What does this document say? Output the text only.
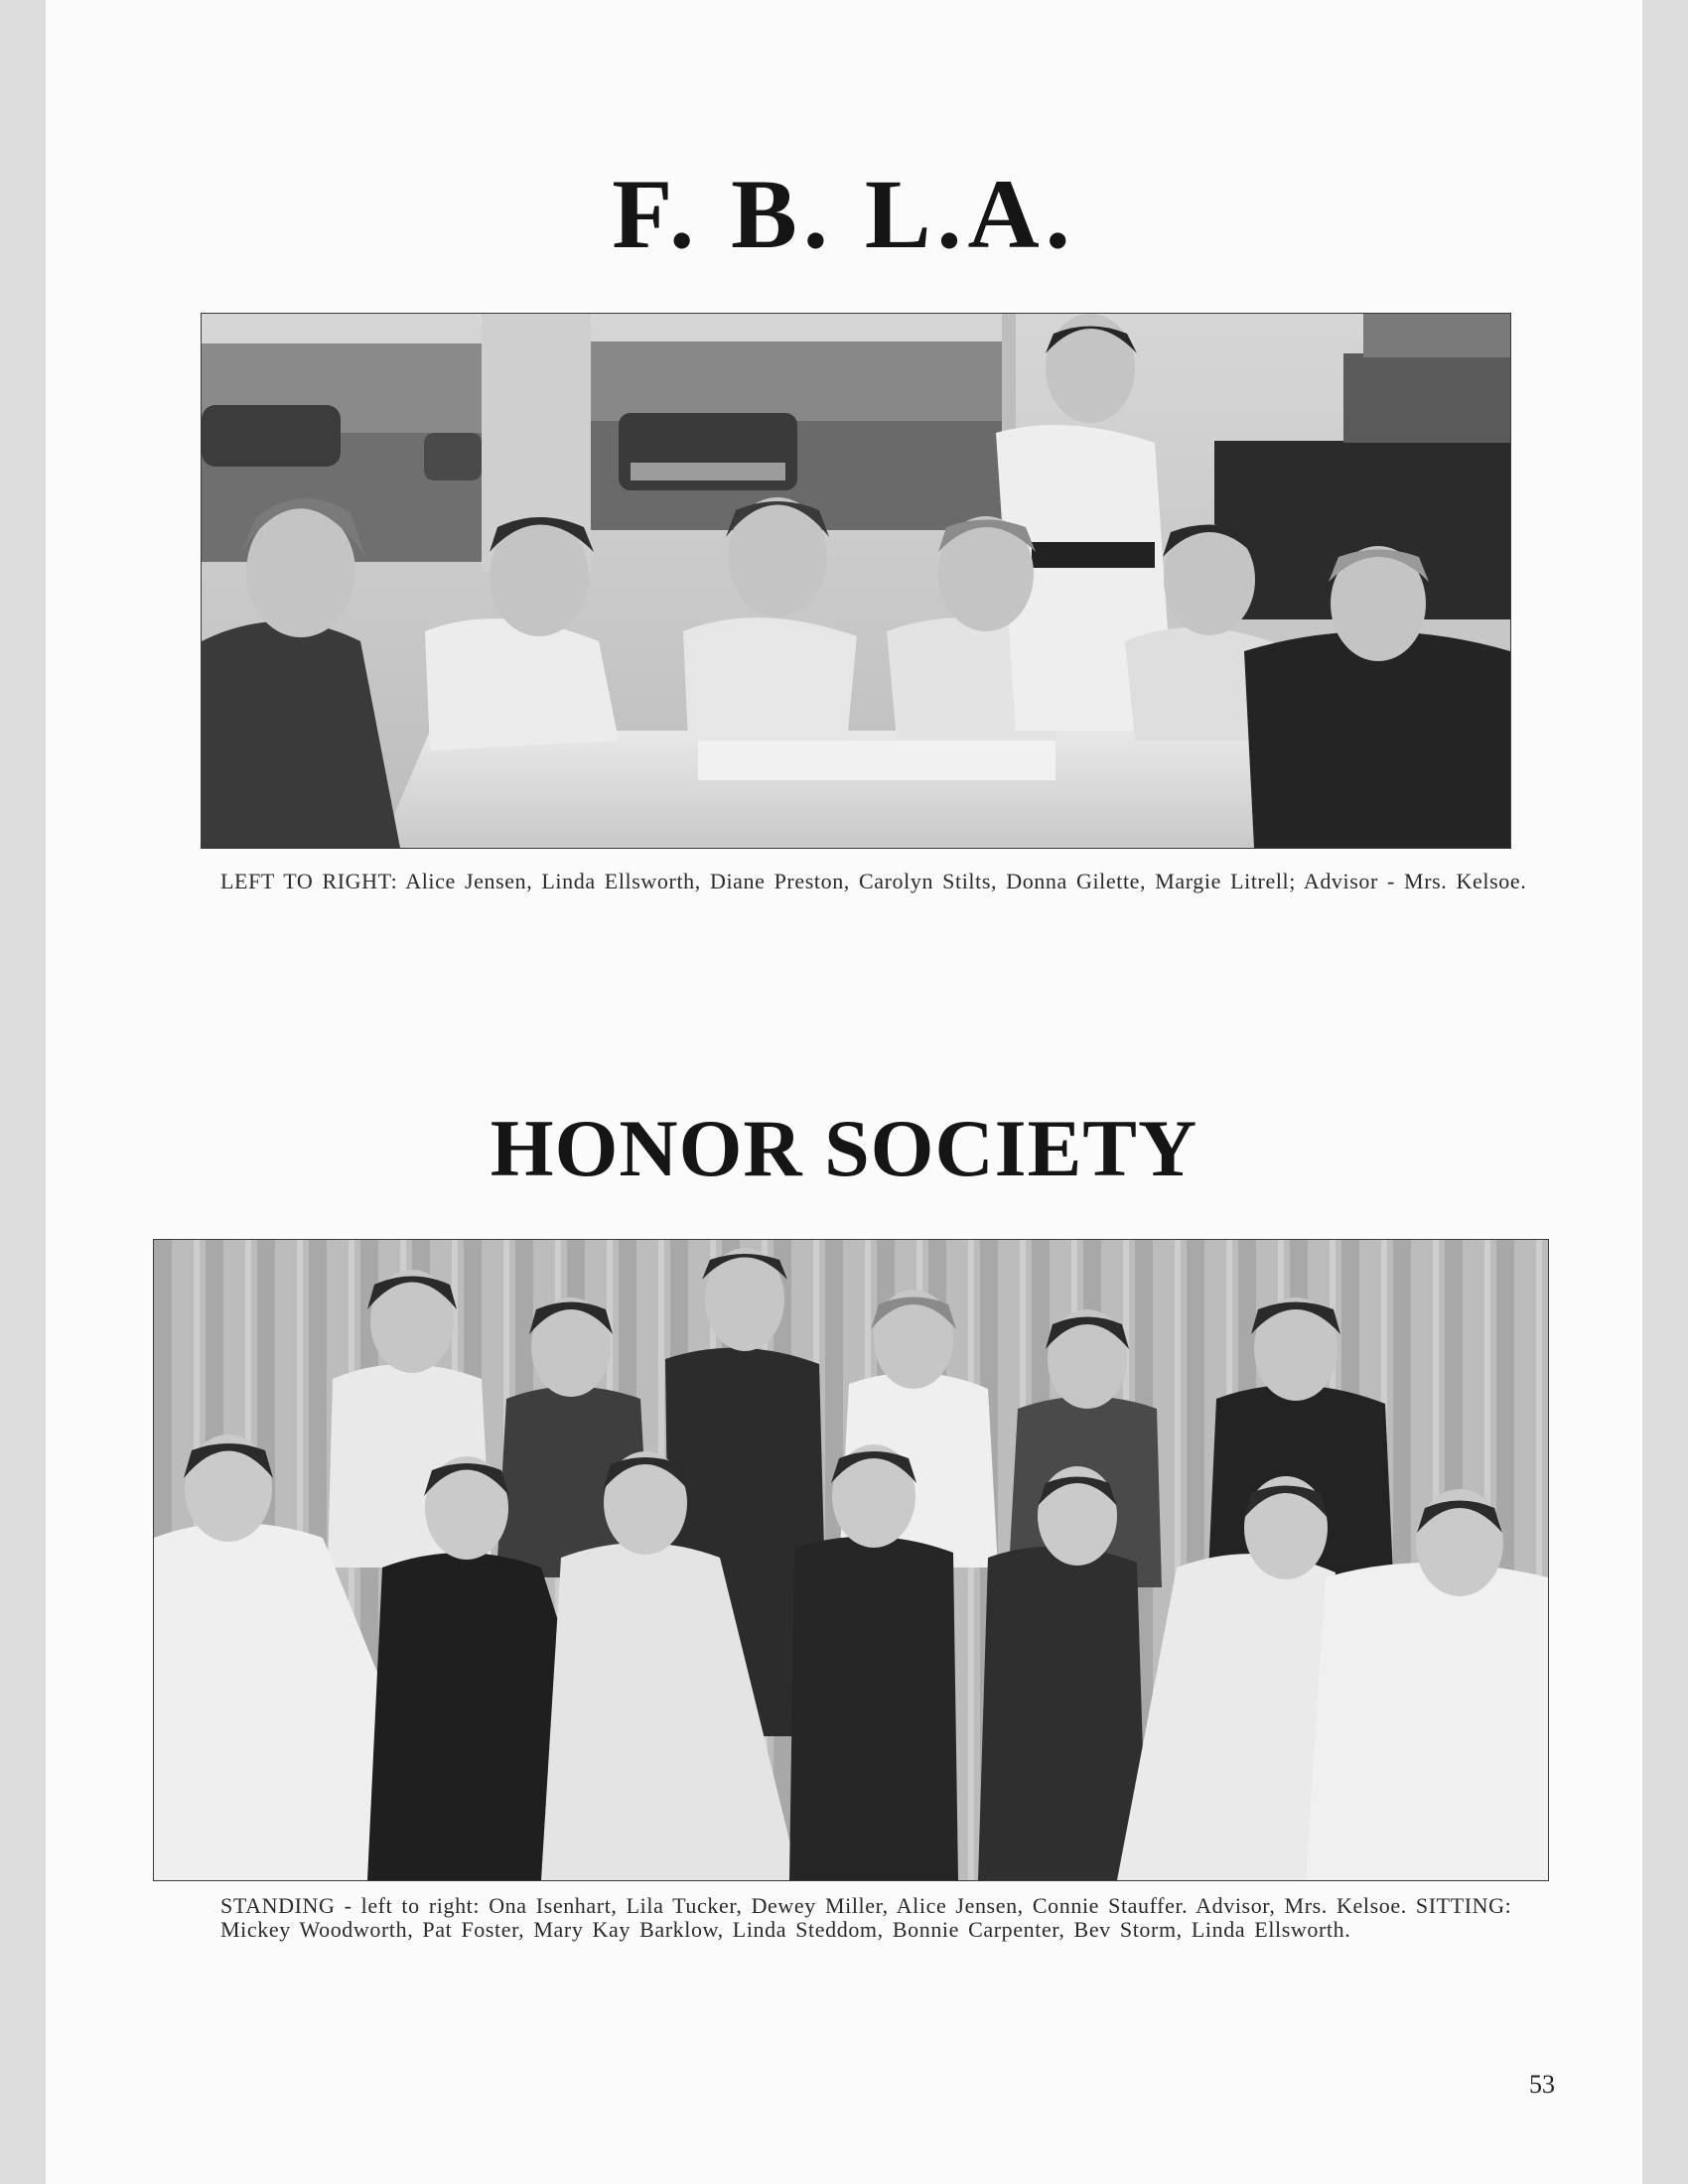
F. B. L.A.

LEFT TO RIGHT: Alice Jensen, Linda Ellsworth, Diane Preston, Carolyn Stilts, Donna Gilette, Margie Litrell; Advisor - Mrs. Kelsoe.

HONOR SOCIETY

STANDING - left to right: Ona Isenhart, Lila Tucker, Dewey Miller, Alice Jensen, Connie Stauffer. Advisor, Mrs. Kelsoe. SITTING: Mickey Woodworth, Pat Foster, Mary Kay Barklow, Linda Steddom, Bonnie Carpenter, Bev Storm, Linda Ellsworth.

53
